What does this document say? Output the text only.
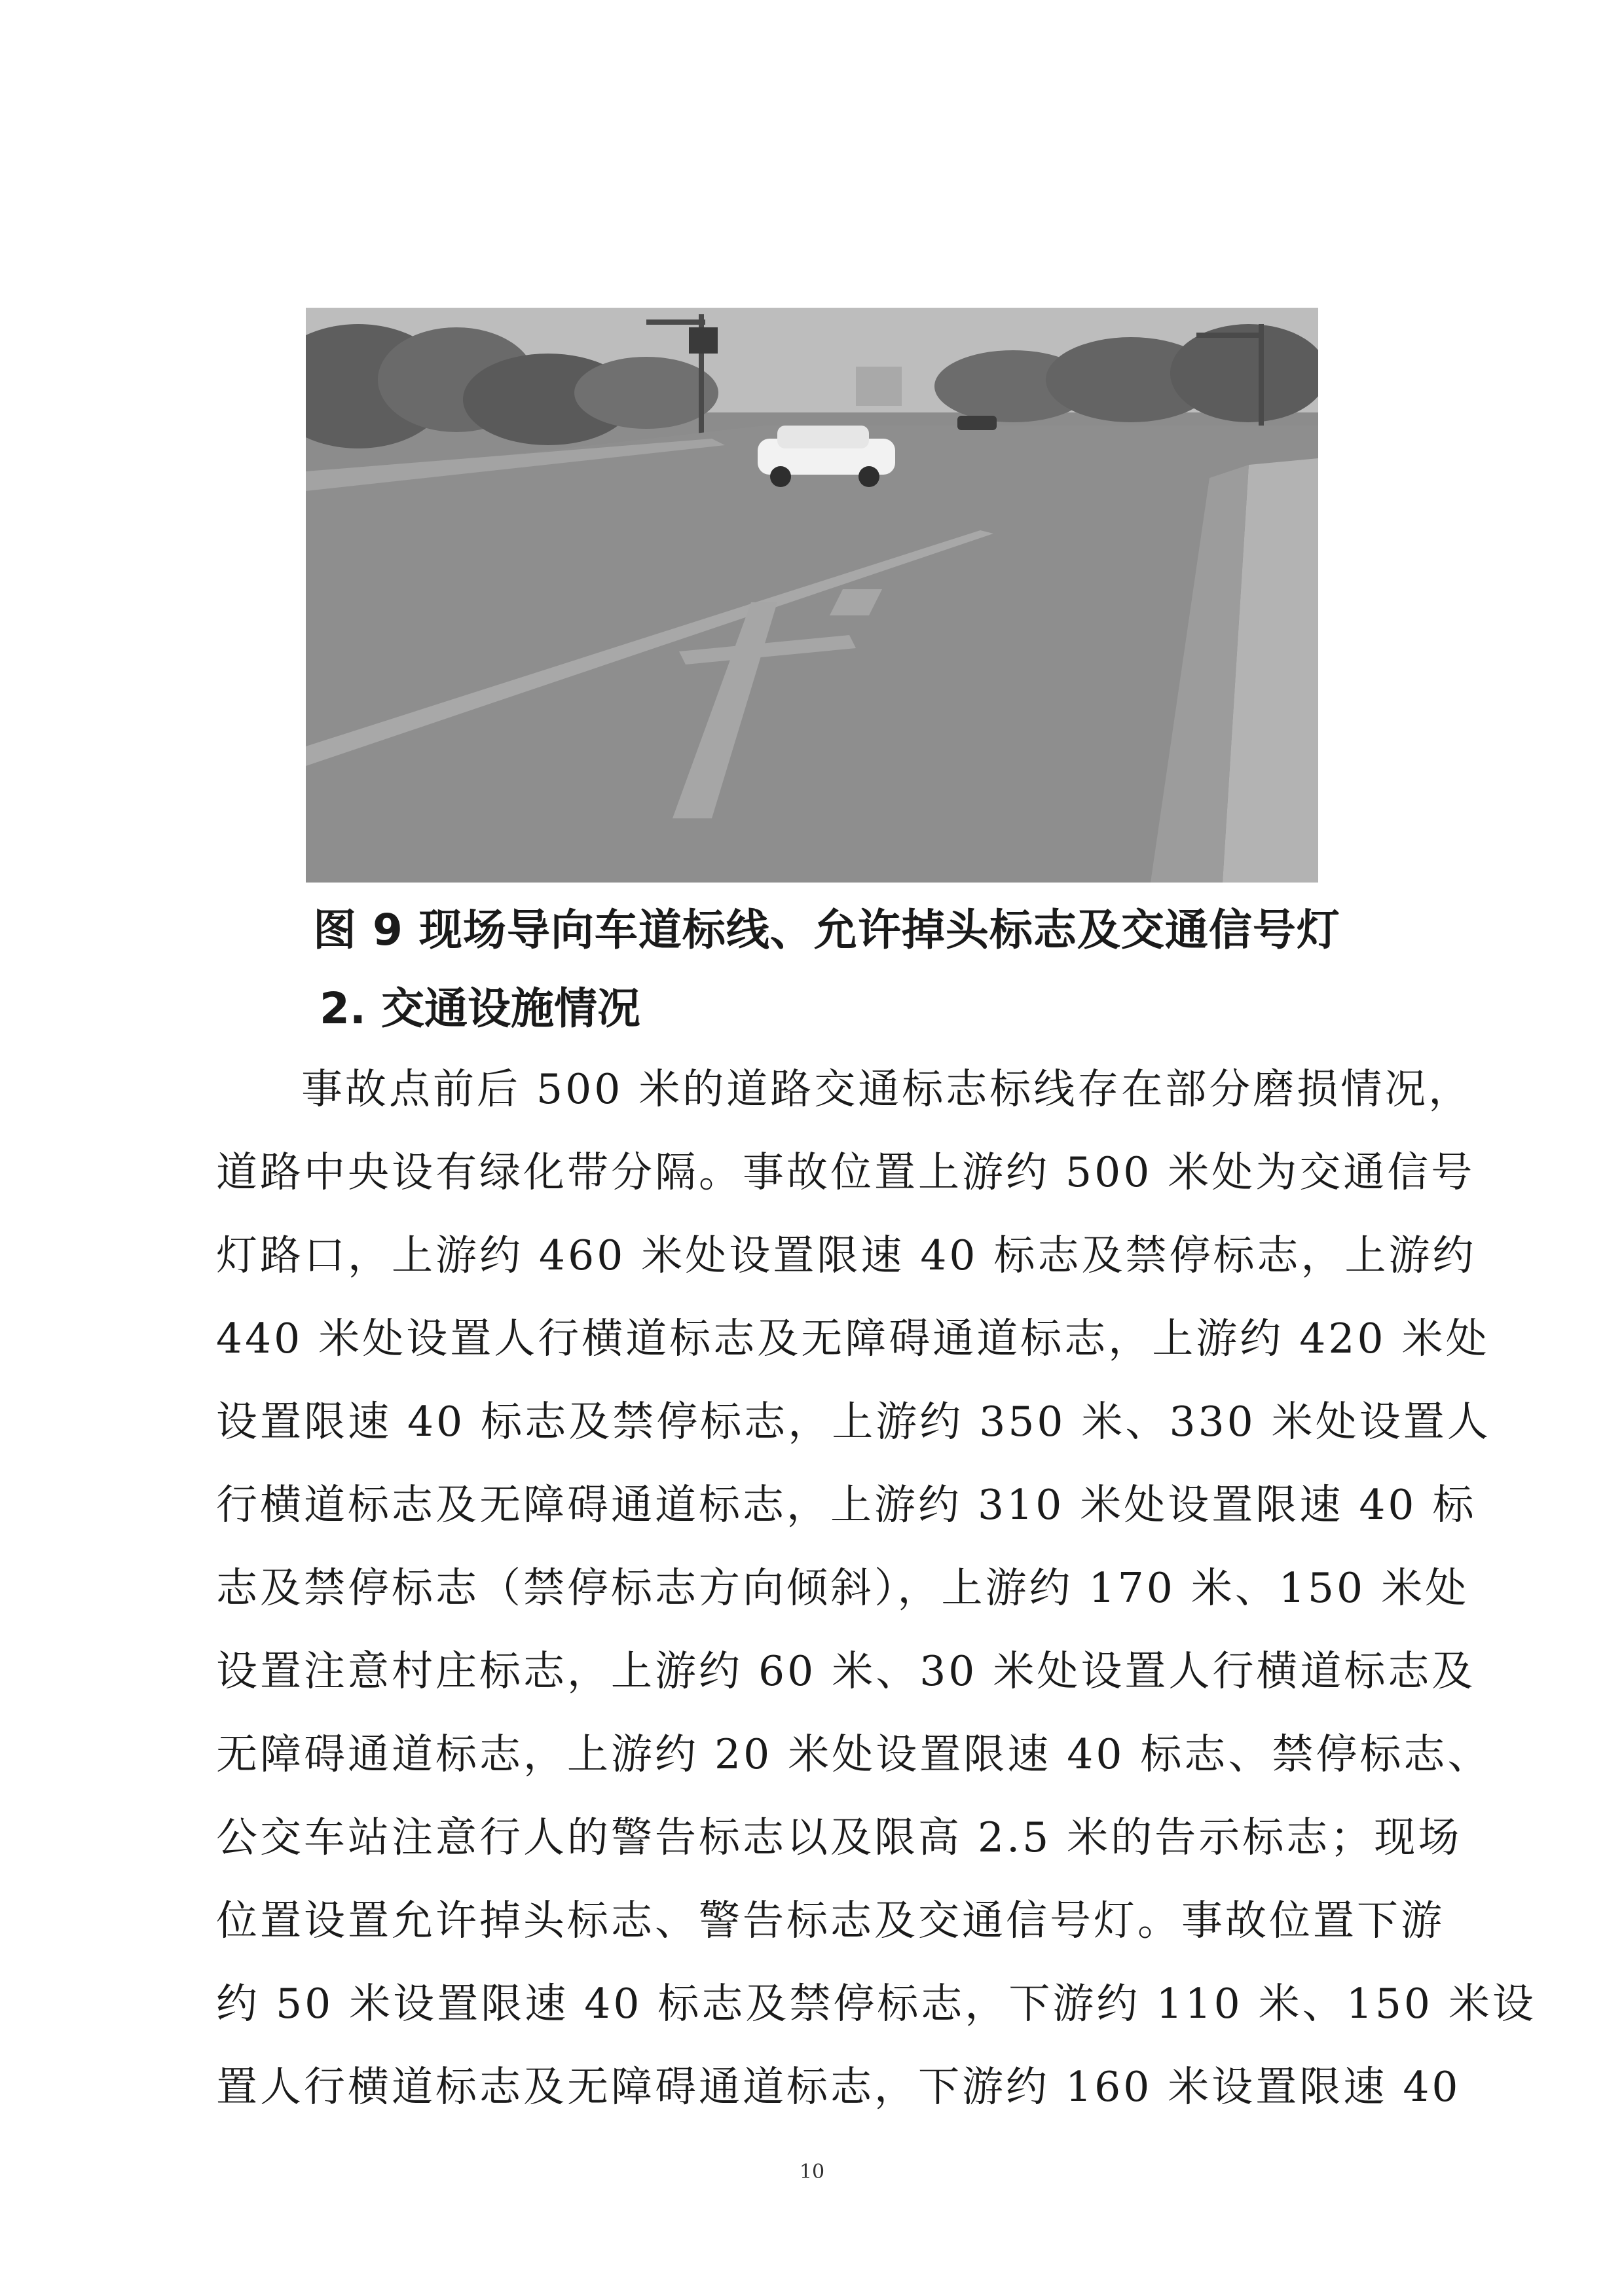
图 9 现场导向车道标线、允许掉头标志及交通信号灯
2. 交通设施情况
事故点前后 500 米的道路交通标志标线存在部分磨损情况，
道路中央设有绿化带分隔。事故位置上游约 500 米处为交通信号
灯路口，上游约 460 米处设置限速 40 标志及禁停标志，上游约
440 米处设置人行横道标志及无障碍通道标志，上游约 420 米处
设置限速 40 标志及禁停标志，上游约 350 米、330 米处设置人
行横道标志及无障碍通道标志，上游约 310 米处设置限速 40 标
志及禁停标志（禁停标志方向倾斜），上游约 170 米、150 米处
设置注意村庄标志，上游约 60 米、30 米处设置人行横道标志及
无障碍通道标志，上游约 20 米处设置限速 40 标志、禁停标志、
公交车站注意行人的警告标志以及限高 2.5 米的告示标志；现场
位置设置允许掉头标志、警告标志及交通信号灯。事故位置下游
约 50 米设置限速 40 标志及禁停标志，下游约 110 米、150 米设
置人行横道标志及无障碍通道标志，下游约 160 米设置限速 40
10
